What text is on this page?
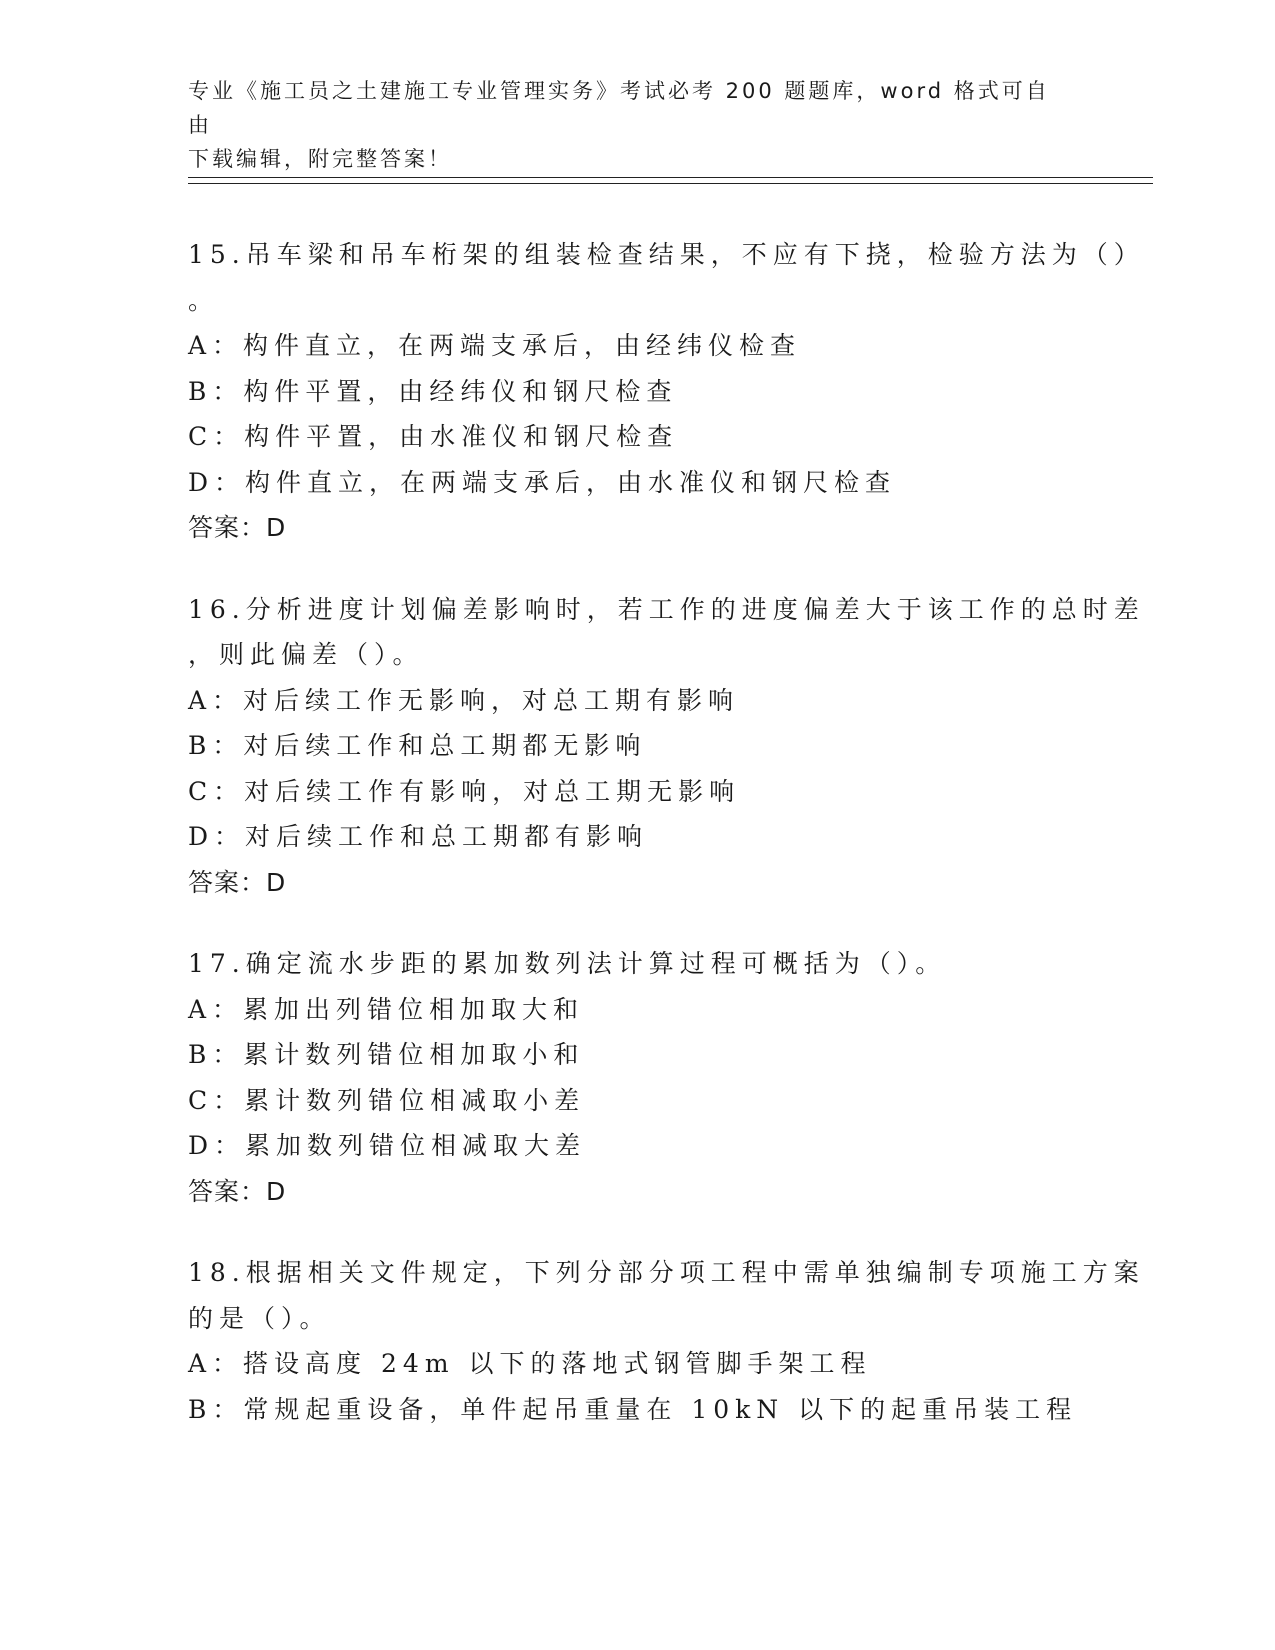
专业《施工员之土建施工专业管理实务》考试必考 200 题题库，word 格式可自由
下载编辑，附完整答案！
15.吊车梁和吊车桁架的组装检查结果，不应有下挠，检验方法为（）
。
A：构件直立，在两端支承后，由经纬仪检查
B：构件平置，由经纬仪和钢尺检查
C：构件平置，由水准仪和钢尺检查
D：构件直立，在两端支承后，由水准仪和钢尺检查
答案：D
16.分析进度计划偏差影响时，若工作的进度偏差大于该工作的总时差
，则此偏差（）。
A：对后续工作无影响，对总工期有影响
B：对后续工作和总工期都无影响
C：对后续工作有影响，对总工期无影响
D：对后续工作和总工期都有影响
答案：D
17.确定流水步距的累加数列法计算过程可概括为（）。
A：累加出列错位相加取大和
B：累计数列错位相加取小和
C：累计数列错位相减取小差
D：累加数列错位相减取大差
答案：D
18.根据相关文件规定，下列分部分项工程中需单独编制专项施工方案
的是（）。
A：搭设高度 24m 以下的落地式钢管脚手架工程
B：常规起重设备，单件起吊重量在 10kN 以下的起重吊装工程
